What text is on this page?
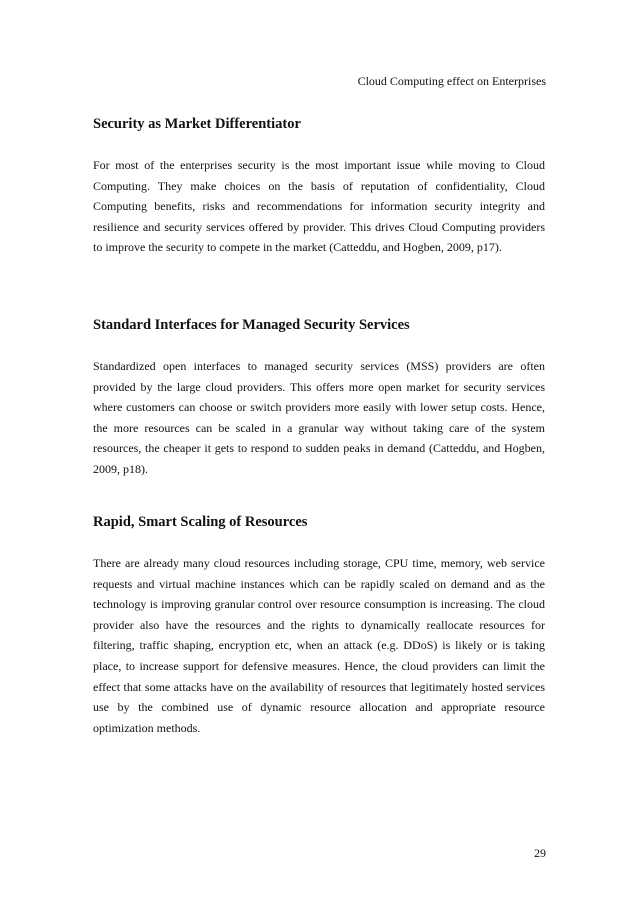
Cloud Computing effect on Enterprises
Security as Market Differentiator

For most of the enterprises security is the most important issue while moving to Cloud Computing. They make choices on the basis of reputation of confidentiality, Cloud Computing benefits, risks and recommendations for information security integrity and resilience and security services offered by provider. This drives Cloud Computing providers to improve the security to compete in the market (Catteddu, and Hogben, 2009, p17).

Standard Interfaces for Managed Security Services

Standardized open interfaces to managed security services (MSS) providers are often provided by the large cloud providers. This offers more open market for security services where customers can choose or switch providers more easily with lower setup costs. Hence, the more resources can be scaled in a granular way without taking care of the system resources, the cheaper it gets to respond to sudden peaks in demand (Catteddu, and Hogben, 2009, p18).

Rapid, Smart Scaling of Resources

There are already many cloud resources including storage, CPU time, memory, web service requests and virtual machine instances which can be rapidly scaled on demand and as the technology is improving granular control over resource consumption is increasing. The cloud provider also have the resources and the rights to dynamically reallocate resources for filtering, traffic shaping, encryption etc, when an attack (e.g. DDoS) is likely or is taking place, to increase support for defensive measures. Hence, the cloud providers can limit the effect that some attacks have on the availability of resources that legitimately hosted services use by the combined use of dynamic resource allocation and appropriate resource optimization methods.

29
